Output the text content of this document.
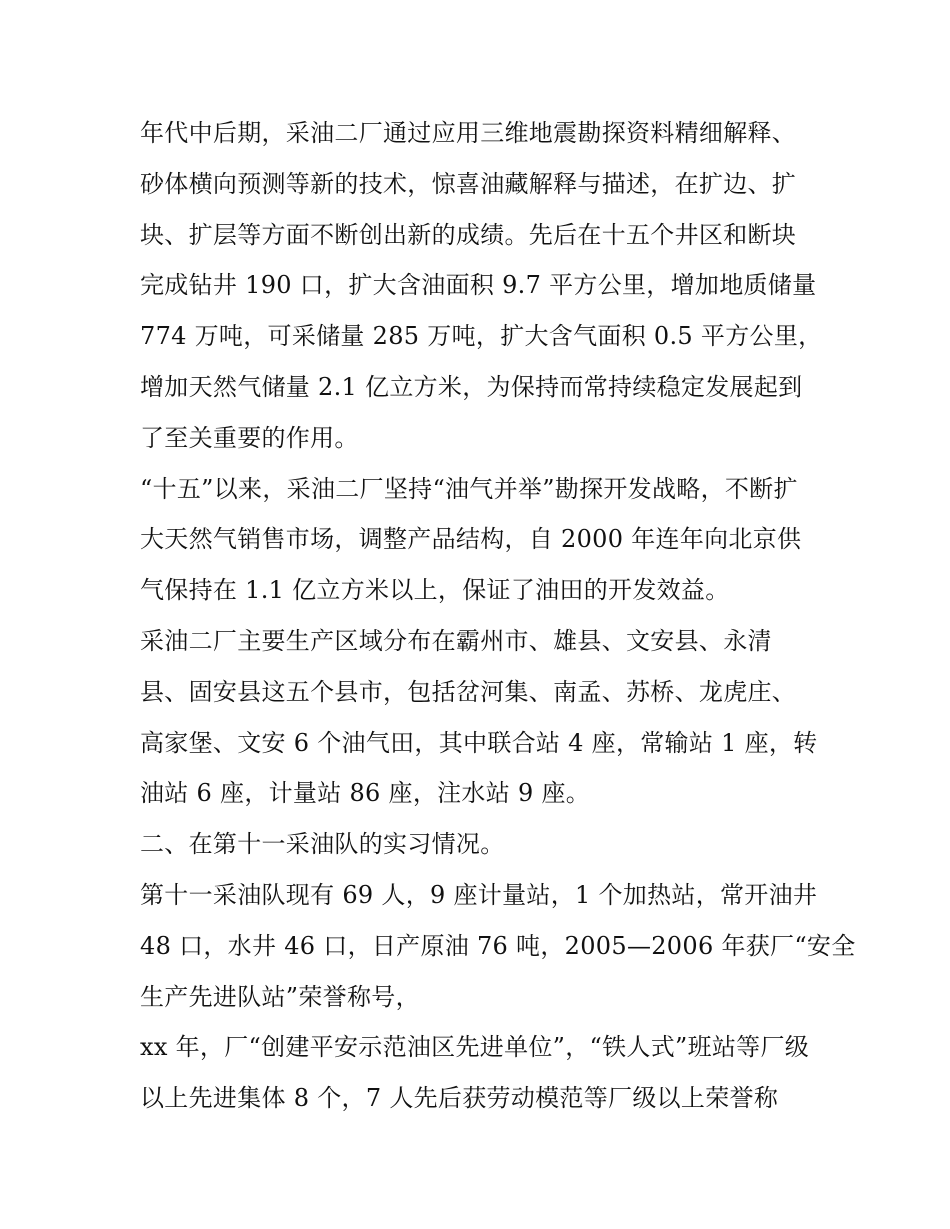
年代中后期，采油二厂通过应用三维地震勘探资料精细解释、
砂体横向预测等新的技术，惊喜油藏解释与描述，在扩边、扩
块、扩层等方面不断创出新的成绩。先后在十五个井区和断块
完成钻井 190 口，扩大含油面积 9.7 平方公里，增加地质储量
774 万吨，可采储量 285 万吨，扩大含气面积 0.5 平方公里，
增加天然气储量 2.1 亿立方米，为保持而常持续稳定发展起到
了至关重要的作用。
“十五”以来，采油二厂坚持“油气并举”勘探开发战略，不断扩
大天然气销售市场，调整产品结构，自 2000 年连年向北京供
气保持在 1.1 亿立方米以上，保证了油田的开发效益。
采油二厂主要生产区域分布在霸州市、雄县、文安县、永清
县、固安县这五个县市，包括岔河集、南孟、苏桥、龙虎庄、
高家堡、文安 6 个油气田，其中联合站 4 座，常输站 1 座，转
油站 6 座，计量站 86 座，注水站 9 座。
二、在第十一采油队的实习情况。
第十一采油队现有 69 人，9 座计量站，1 个加热站，常开油井
48 口，水井 46 口，日产原油 76 吨，2005—2006 年获厂“安全
生产先进队站”荣誉称号，
xx 年，厂“创建平安示范油区先进单位”，“铁人式”班站等厂级
以上先进集体 8 个，7 人先后获劳动模范等厂级以上荣誉称
